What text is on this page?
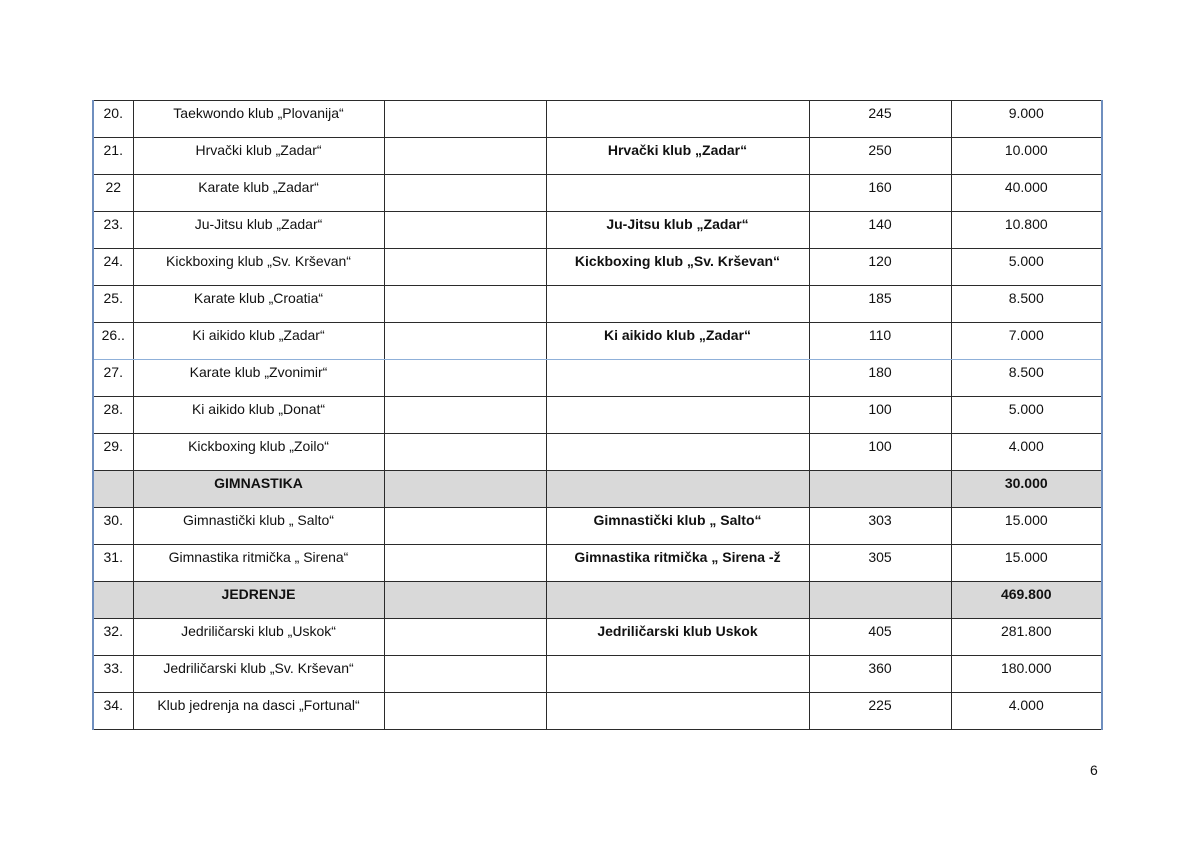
20.	Taekwondo klub „Plovanija“			245	9.000

21.	Hrvački klub „Zadar“		Hrvački klub „Zadar“	250	10.000

22	Karate klub „Zadar“			160	40.000

23.	Ju-Jitsu klub „Zadar“		Ju-Jitsu klub „Zadar“	140	10.800

24.	Kickboxing klub „Sv. Krševan“		Kickboxing klub „Sv. Krševan“	120	5.000

25.	Karate klub „Croatia“			185	8.500

26..	Ki aikido klub „Zadar“		Ki aikido klub „Zadar“	110	7.000

27.	Karate klub „Zvonimir“			180	8.500

28.	Ki aikido klub „Donat“			100	5.000

29.	Kickboxing klub „Zoilo“			100	4.000

	GIMNASTIKA				30.000

30.	Gimnastički klub „ Salto“		Gimnastički klub „ Salto“	303	15.000

31.	Gimnastika ritmička „ Sirena“		Gimnastika ritmička „ Sirena -ž	305	15.000

	JEDRENJE				469.800

32.	Jedriličarski klub „Uskok“		Jedriličarski klub Uskok	405	281.800

33.	Jedriličarski klub „Sv. Krševan“			360	180.000

34.	Klub jedrenja na dasci „Fortunal“			225	4.000
6
